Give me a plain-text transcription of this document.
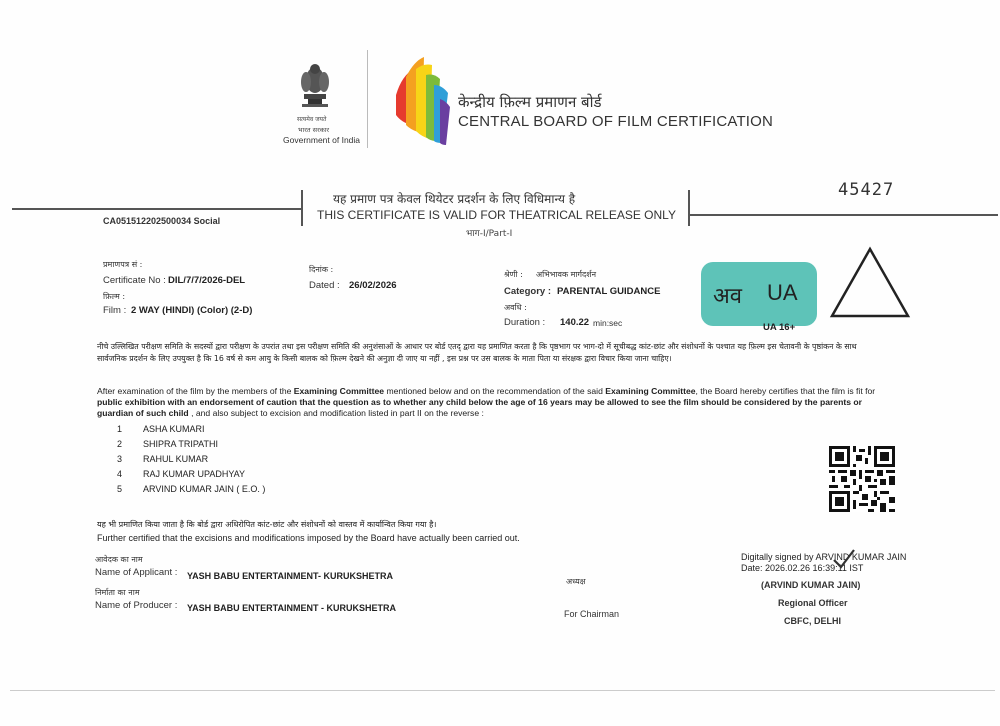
सत्यमेव जयते
भारत सरकार
Government of India
केन्द्रीय फ़िल्म प्रमाणन बोर्ड
CENTRAL BOARD OF FILM CERTIFICATION
45427
यह प्रमाण पत्र केवल थियेटर प्रदर्शन के लिए विधिमान्य है
THIS CERTIFICATE IS VALID FOR THEATRICAL RELEASE ONLY
भाग-I/Part-I
CA051512202500034 Social
प्रमाणपत्र सं :
Certificate No : DIL/7/7/2026-DEL
फ़िल्म :
Film : 2 WAY (HINDI) (Color) (2-D)
दिनांक :
Dated : 26/02/2026
श्रेणी : अभिभावक मार्गदर्शन
Category : PARENTAL GUIDANCE
अवधि :
Duration : 140.22 min:sec
अव UA
UA 16+
नीचे उल्लिखित परीक्षण समिति के सदस्यों द्वारा परीक्षण के उपरांत तथा इस परीक्षण समिति की अनुशंसाओं के आधार पर बोर्ड एतद् द्वारा यह प्रमाणित करता है कि पृष्ठभाग पर भाग-दो में सूचीबद्ध कांट-छांट और संशोधनों के पश्चात यह फ़िल्म इस चेतावनी के पृष्ठांकन के साथ सार्वजनिक प्रदर्शन के लिए उपयुक्त है कि 16 वर्ष से कम आयु के किसी बालक को फ़िल्म देखने की अनुज्ञा दी जाए या नहीं , इस प्रश्न पर उस बालक के माता पिता या संरक्षक द्वारा विचार किया जाना चाहिए।
After examination of the film by the members of the Examining Committee mentioned below and on the recommendation of the said Examining Committee, the Board hereby certifies that the film is fit for public exhibition with an endorsement of caution that the question as to whether any child below the age of 16 years may be allowed to see the film should be considered by the parents or guardian of such child , and also subject to excision and modification listed in part II on the reverse :
1 ASHA KUMARI
2 SHIPRA TRIPATHI
3 RAHUL KUMAR
4 RAJ KUMAR UPADHYAY
5 ARVIND KUMAR JAIN ( E.O. )
यह भी प्रमाणित किया जाता है कि बोर्ड द्वारा अधिरोपित कांट-छांट और संशोधनों को वास्तव में कार्यान्वित किया गया है।
Further certified that the excisions and modifications imposed by the Board have actually been carried out.
आवेदक का नाम
Name of Applicant : YASH BABU ENTERTAINMENT- KURUKSHETRA
निर्माता का नाम
Name of Producer : YASH BABU ENTERTAINMENT - KURUKSHETRA
अध्यक्ष
For Chairman
Digitally signed by ARVIND KUMAR JAIN
Date: 2026.02.26 16:39:11 IST
(ARVIND KUMAR JAIN)
Regional Officer
CBFC, DELHI
